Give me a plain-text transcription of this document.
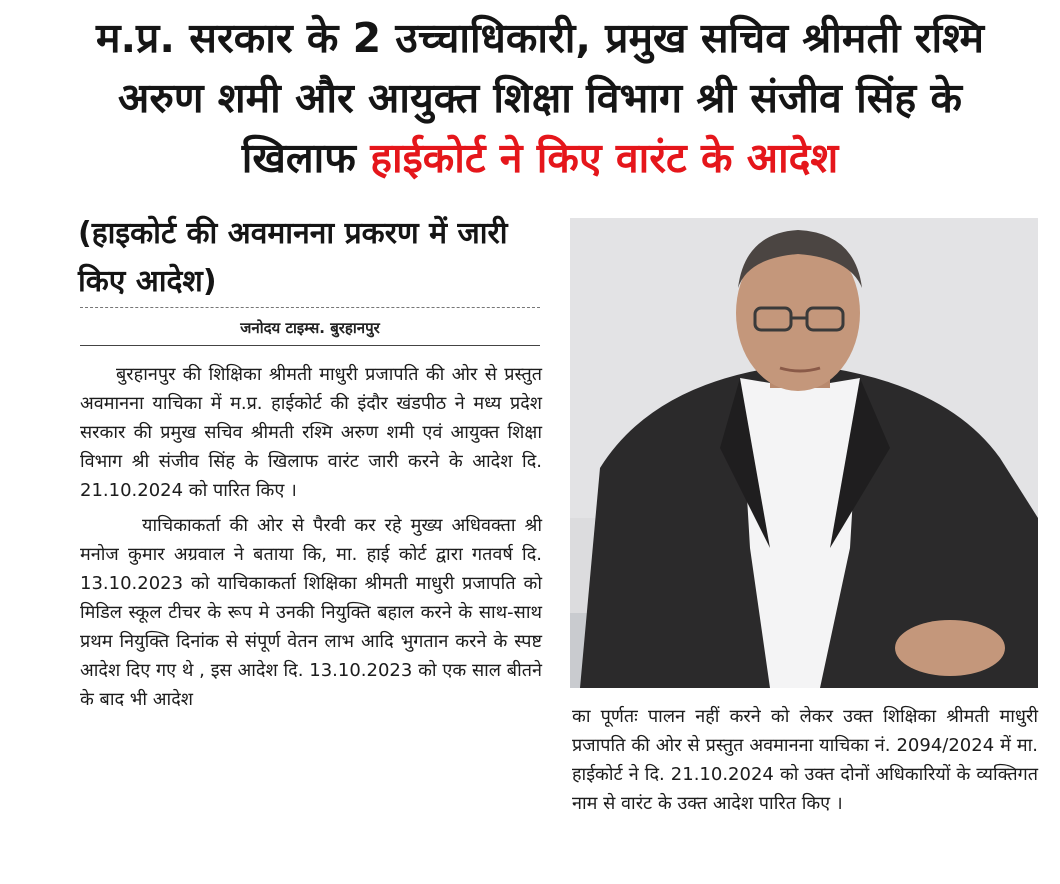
म.प्र. सरकार के 2 उच्चाधिकारी, प्रमुख सचिव श्रीमती रश्मि अरुण शमी और आयुक्त शिक्षा विभाग श्री संजीव सिंह के खिलाफ हाईकोर्ट ने किए वारंट के आदेश
(हाइकोर्ट की अवमानना प्रकरण में जारी किए आदेश)
जनोदय टाइम्स. बुरहानपुर

बुरहानपुर की शिक्षिका श्रीमती माधुरी प्रजापति की ओर से प्रस्तुत अवमानना याचिका में म.प्र. हाईकोर्ट की इंदौर खंडपीठ ने मध्य प्रदेश सरकार की प्रमुख सचिव श्रीमती रश्मि अरुण शमी एवं आयुक्त शिक्षा विभाग श्री संजीव सिंह के खिलाफ वारंट जारी करने के आदेश दि. 21.10.2024 को पारित किए ।

याचिकाकर्ता की ओर से पैरवी कर रहे मुख्य अधिवक्ता श्री मनोज कुमार अग्रवाल ने बताया कि, मा. हाई कोर्ट द्वारा गतवर्ष दि. 13.10.2023 को याचिकाकर्ता शिक्षिका श्रीमती माधुरी प्रजापति को मिडिल स्कूल टीचर के रूप मे उनकी नियुक्ति बहाल करने के साथ-साथ प्रथम नियुक्ति दिनांक से संपूर्ण वेतन लाभ आदि भुगतान करने के स्पष्ट आदेश दिए गए थे , इस आदेश दि. 13.10.2023 को एक साल बीतने के बाद भी आदेश

का पूर्णतः पालन नहीं करने को लेकर उक्त शिक्षिका श्रीमती माधुरी प्रजापति की ओर से प्रस्तुत अवमानना याचिका नं. 2094/2024 में मा. हाईकोर्ट ने दि. 21.10.2024 को उक्त दोनों अधिकारियों के व्यक्तिगत नाम से वारंट के उक्त आदेश पारित किए ।
